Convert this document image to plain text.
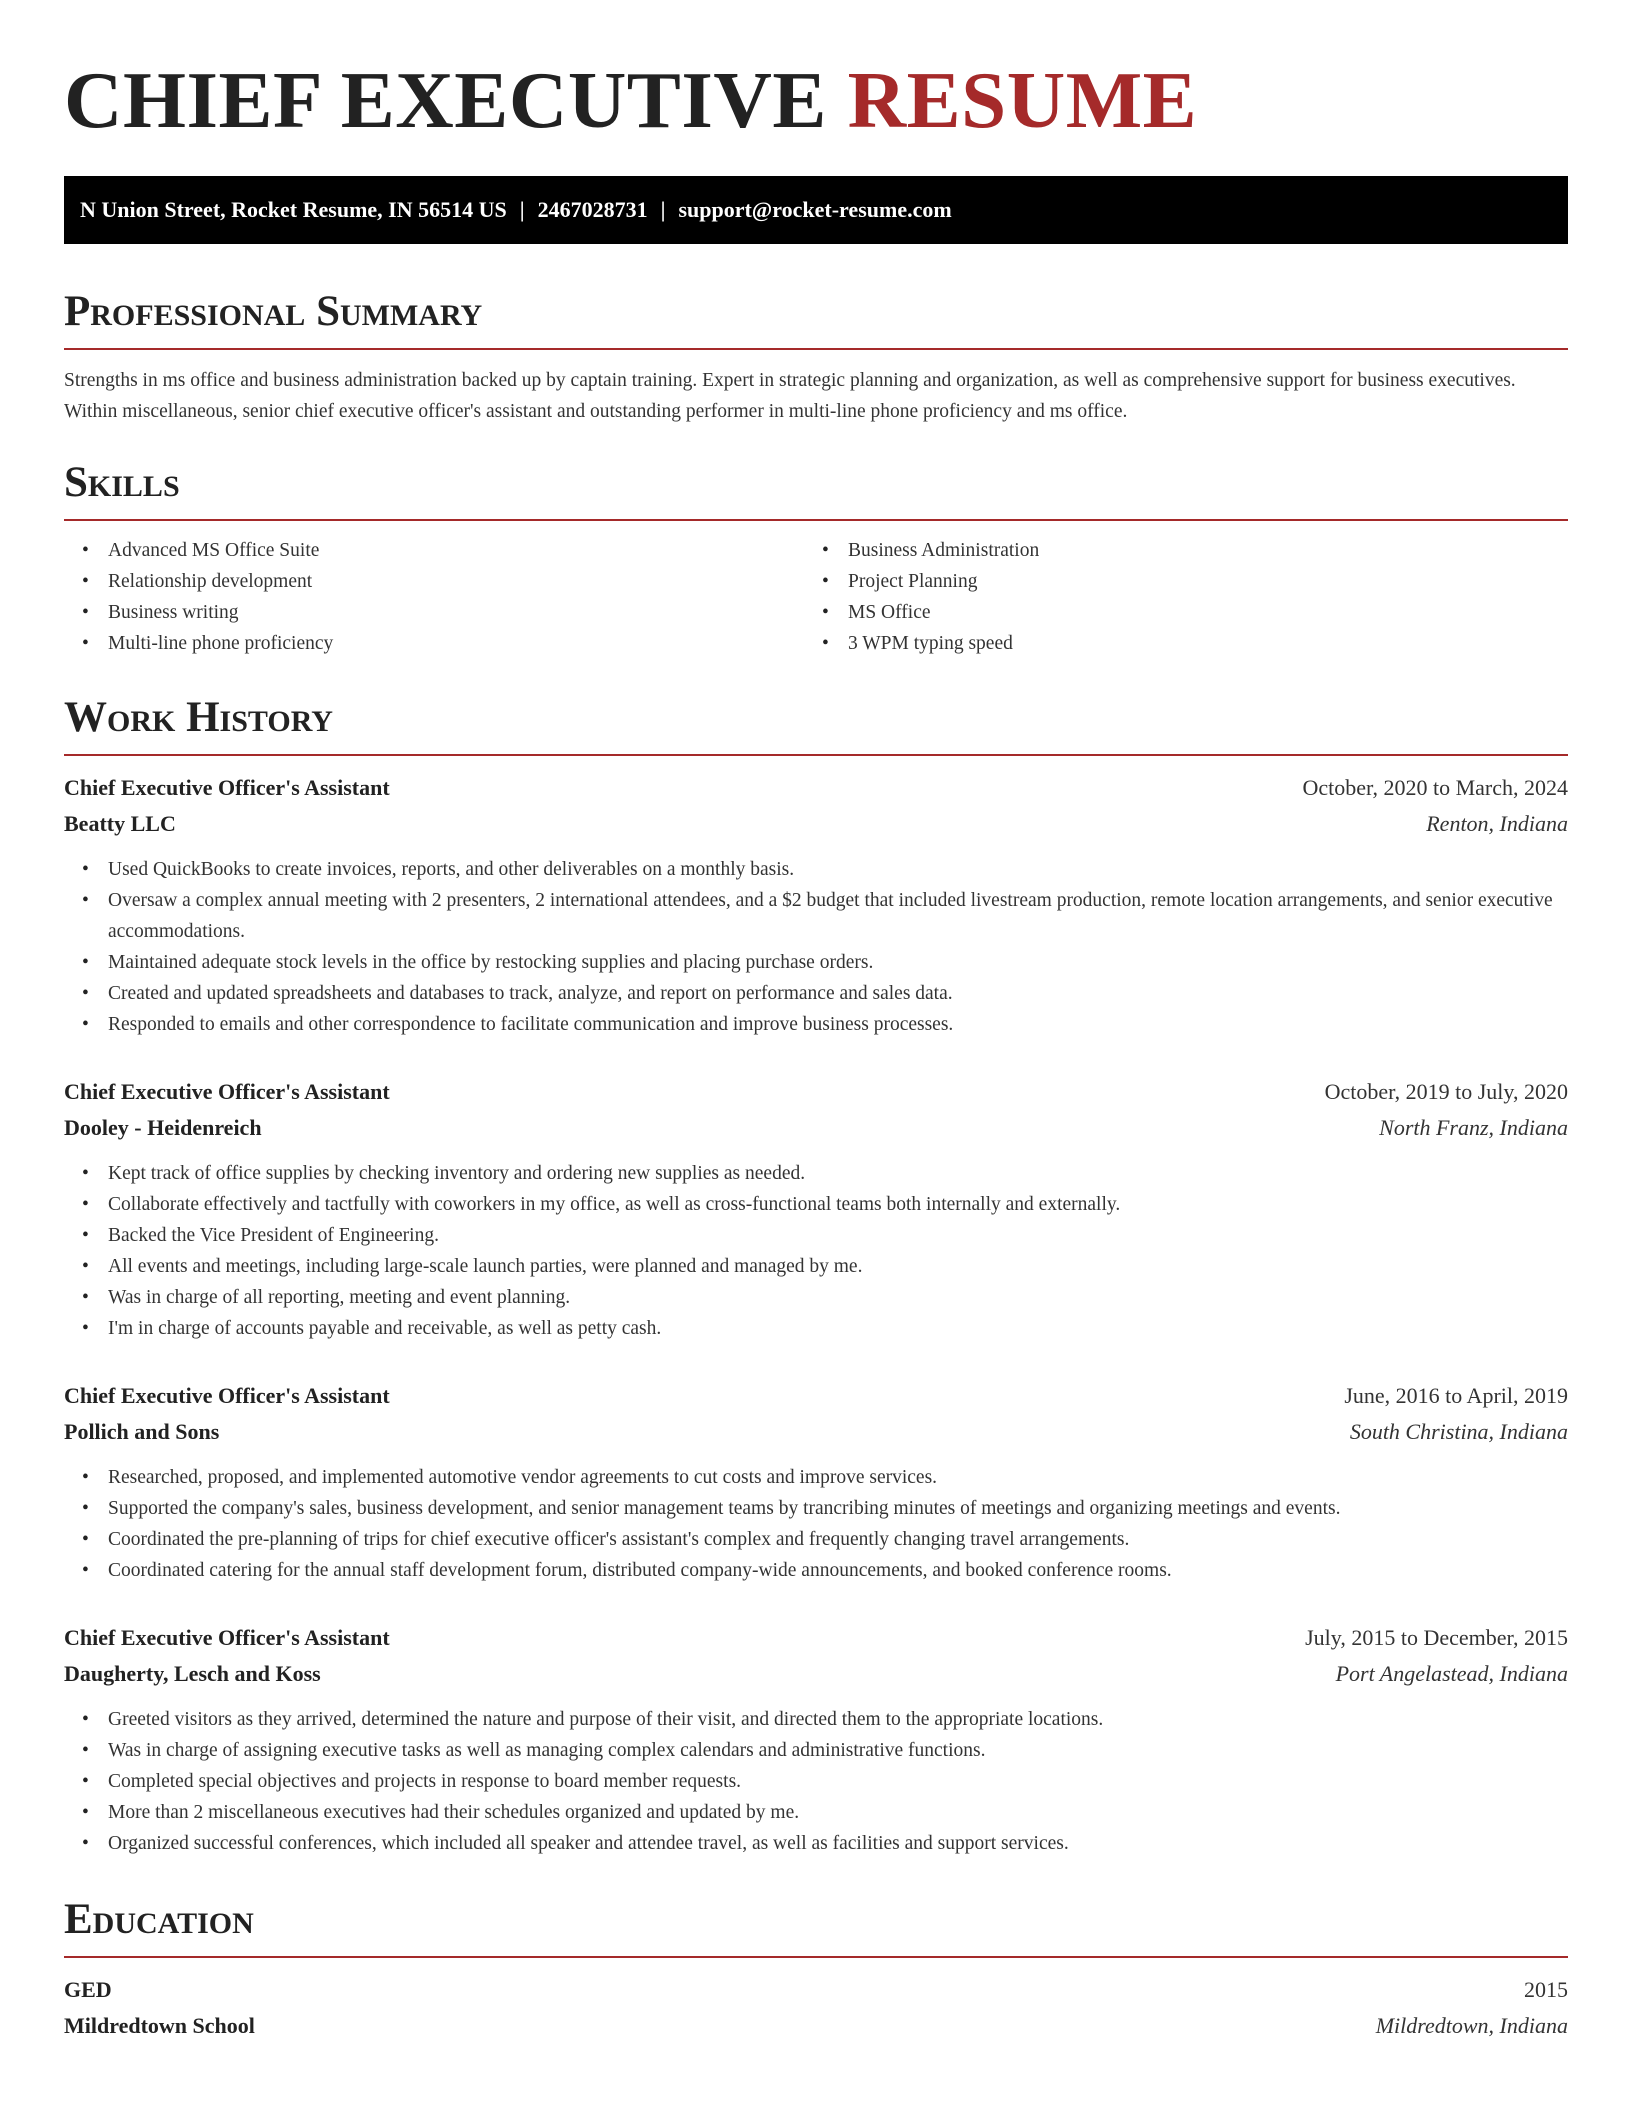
CHIEF EXECUTIVE RESUME
N Union Street, Rocket Resume, IN 56514 US | 2467028731 | support@rocket-resume.com
Professional Summary

Strengths in ms office and business administration backed up by captain training. Expert in strategic planning and organization, as well as comprehensive support for business executives. Within miscellaneous, senior chief executive officer's assistant and outstanding performer in multi-line phone proficiency and ms office.

Skills
• Advanced MS Office Suite
• Relationship development
• Business writing
• Multi-line phone proficiency
• Business Administration
• Project Planning
• MS Office
• 3 WPM typing speed
Work History
Chief Executive Officer's Assistant	October, 2020 to March, 2024
Beatty LLC	Renton, Indiana
• Used QuickBooks to create invoices, reports, and other deliverables on a monthly basis.
• Oversaw a complex annual meeting with 2 presenters, 2 international attendees, and a $2 budget that included livestream production, remote location arrangements, and senior executive accommodations.
• Maintained adequate stock levels in the office by restocking supplies and placing purchase orders.
• Created and updated spreadsheets and databases to track, analyze, and report on performance and sales data.
• Responded to emails and other correspondence to facilitate communication and improve business processes.
Chief Executive Officer's Assistant	October, 2019 to July, 2020
Dooley - Heidenreich	North Franz, Indiana
• Kept track of office supplies by checking inventory and ordering new supplies as needed.
• Collaborate effectively and tactfully with coworkers in my office, as well as cross-functional teams both internally and externally.
• Backed the Vice President of Engineering.
• All events and meetings, including large-scale launch parties, were planned and managed by me.
• Was in charge of all reporting, meeting and event planning.
• I'm in charge of accounts payable and receivable, as well as petty cash.
Chief Executive Officer's Assistant	June, 2016 to April, 2019
Pollich and Sons	South Christina, Indiana
• Researched, proposed, and implemented automotive vendor agreements to cut costs and improve services.
• Supported the company's sales, business development, and senior management teams by trancribing minutes of meetings and organizing meetings and events.
• Coordinated the pre-planning of trips for chief executive officer's assistant's complex and frequently changing travel arrangements.
• Coordinated catering for the annual staff development forum, distributed company-wide announcements, and booked conference rooms.
Chief Executive Officer's Assistant	July, 2015 to December, 2015
Daugherty, Lesch and Koss	Port Angelastead, Indiana
• Greeted visitors as they arrived, determined the nature and purpose of their visit, and directed them to the appropriate locations.
• Was in charge of assigning executive tasks as well as managing complex calendars and administrative functions.
• Completed special objectives and projects in response to board member requests.
• More than 2 miscellaneous executives had their schedules organized and updated by me.
• Organized successful conferences, which included all speaker and attendee travel, as well as facilities and support services.
Education
GED	2015
Mildredtown School	Mildredtown, Indiana
